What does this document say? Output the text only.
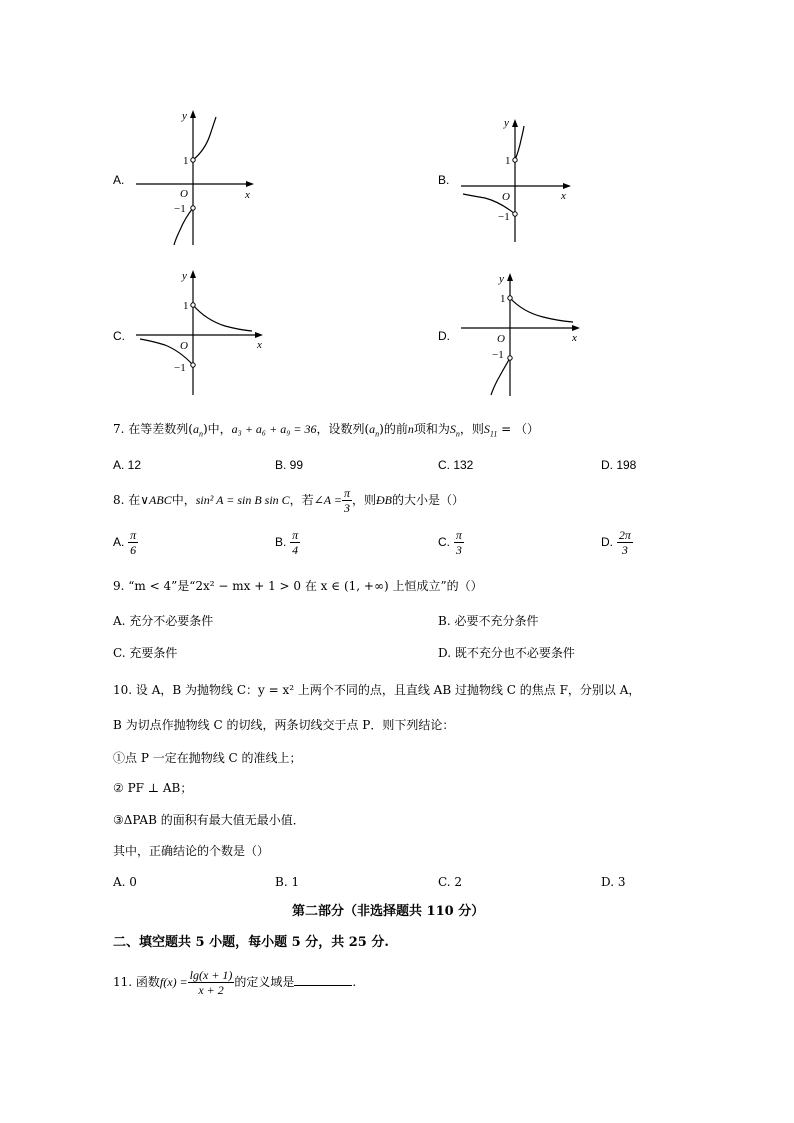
A.
y
x
O
1
−1
B.
y
x
O
1
−1
C.
y
x
O
1
−1
D.
y
x
O
1
−1
7. 在等差数列$(a_n)$中，a₃ + a₆ + a₉ = 36，设数列$(a_n)$的前n项和为$S_n$，则$S_{11}$ = （）
A. 12	B. 99	C. 132	D. 198
8. 在∨ABC中，sin² A = sin B sin C，若∠A = $\frac{\pi}{3}$ ，则ÐB的大小是（）
A. $\frac{\pi}{6}$	B. $\frac{\pi}{4}$	C. $\frac{\pi}{3}$	D. $\frac{2\pi}{3}$
9. “m < 4”是“2x² − mx + 1 > 0 在 x ∈ (1, +∞) 上恒成立”的（）
A. 充分不必要条件	B. 必要不充分条件
C. 充要条件	D. 既不充分也不必要条件
10. 设 A，B 为抛物线 C：y = x² 上两个不同的点，且直线 AB 过抛物线 C 的焦点 F，分别以 A，
B 为切点作抛物线 C 的切线，两条切线交于点 P．则下列结论：
①点 P 一定在抛物线 C 的准线上；
② PF ⊥ AB；
③ΔPAB 的面积有最大值无最小值．
其中，正确结论的个数是（）
A. 0	B. 1	C. 2	D. 3
第二部分（非选择题共 110 分）
二、填空题共 5 小题，每小题 5 分，共 25 分.
11. 函数$f(x) = \frac{\lg(x + 1)}{x + 2}$ 的定义域是	.
